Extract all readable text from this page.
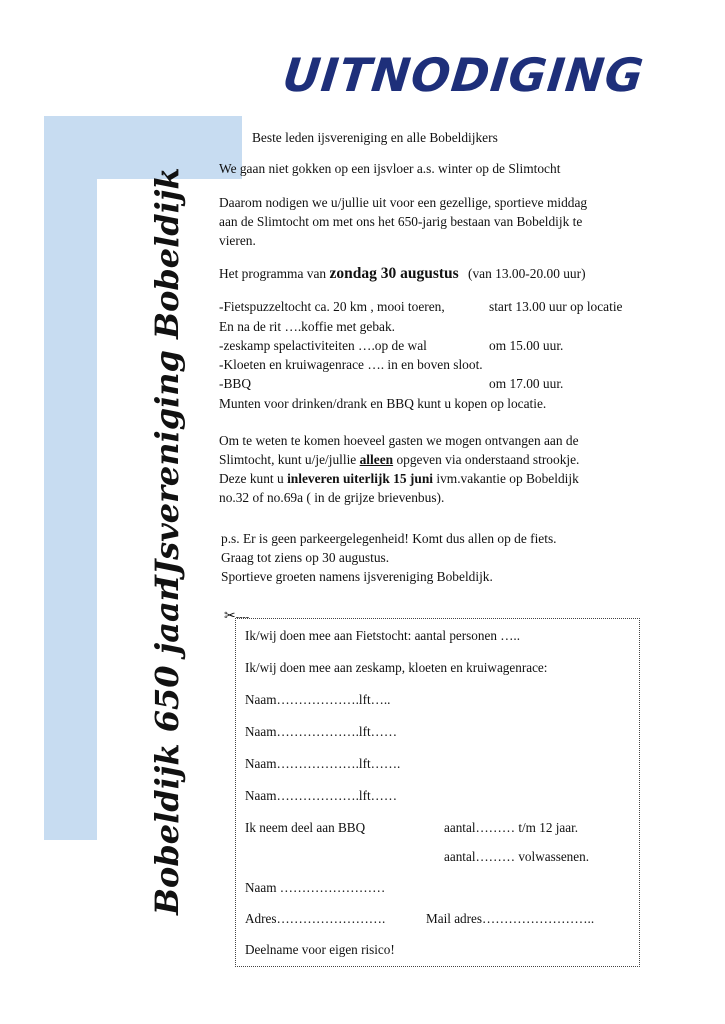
UITNODIGING
Bobeldijk 650 jaar
IJsvereniging Bobeldijk
Beste leden ijsvereniging en alle Bobeldijkers
We gaan niet gokken op een ijsvloer a.s. winter op de Slimtocht
Daarom nodigen we u/jullie uit voor een gezellige, sportieve middag
aan de Slimtocht om met ons het 650-jarig bestaan van Bobeldijk te
vieren.
Het programma van zondag 30 augustus (van 13.00-20.00 uur)
-Fietspuzzeltocht ca. 20 km , mooi toeren,	start 13.00 uur op locatie
En na de rit ….koffie met gebak.
-zeskamp spelactiviteiten ….op de wal	om 15.00 uur.
-Kloeten en kruiwagenrace …. in en boven sloot.
-BBQ	om 17.00 uur.
Munten voor drinken/drank en BBQ kunt u kopen op locatie.
Om te weten te komen hoeveel gasten we mogen ontvangen aan de
Slimtocht, kunt u/je/jullie alleen opgeven via onderstaand strookje.
Deze kunt u inleveren uiterlijk 15 juni ivm.vakantie op Bobeldijk
no.32 of no.69a ( in de grijze brievenbus).
p.s. Er is geen parkeergelegenheid! Komt dus allen op de fiets.
Graag tot ziens op 30 augustus.
Sportieve groeten namens ijsvereniging Bobeldijk.
✂----
Ik/wij doen mee aan Fietstocht: aantal personen …..
Ik/wij doen mee aan zeskamp, kloeten en kruiwagenrace:
Naam……………….lft…..
Naam……………….lft……
Naam……………….lft…….
Naam……………….lft……
Ik neem deel aan BBQ	aantal……… t/m 12 jaar.
aantal……… volwassenen.
Naam ……………………
Adres…………………….	Mail adres……………………..
Deelname voor eigen risico!
